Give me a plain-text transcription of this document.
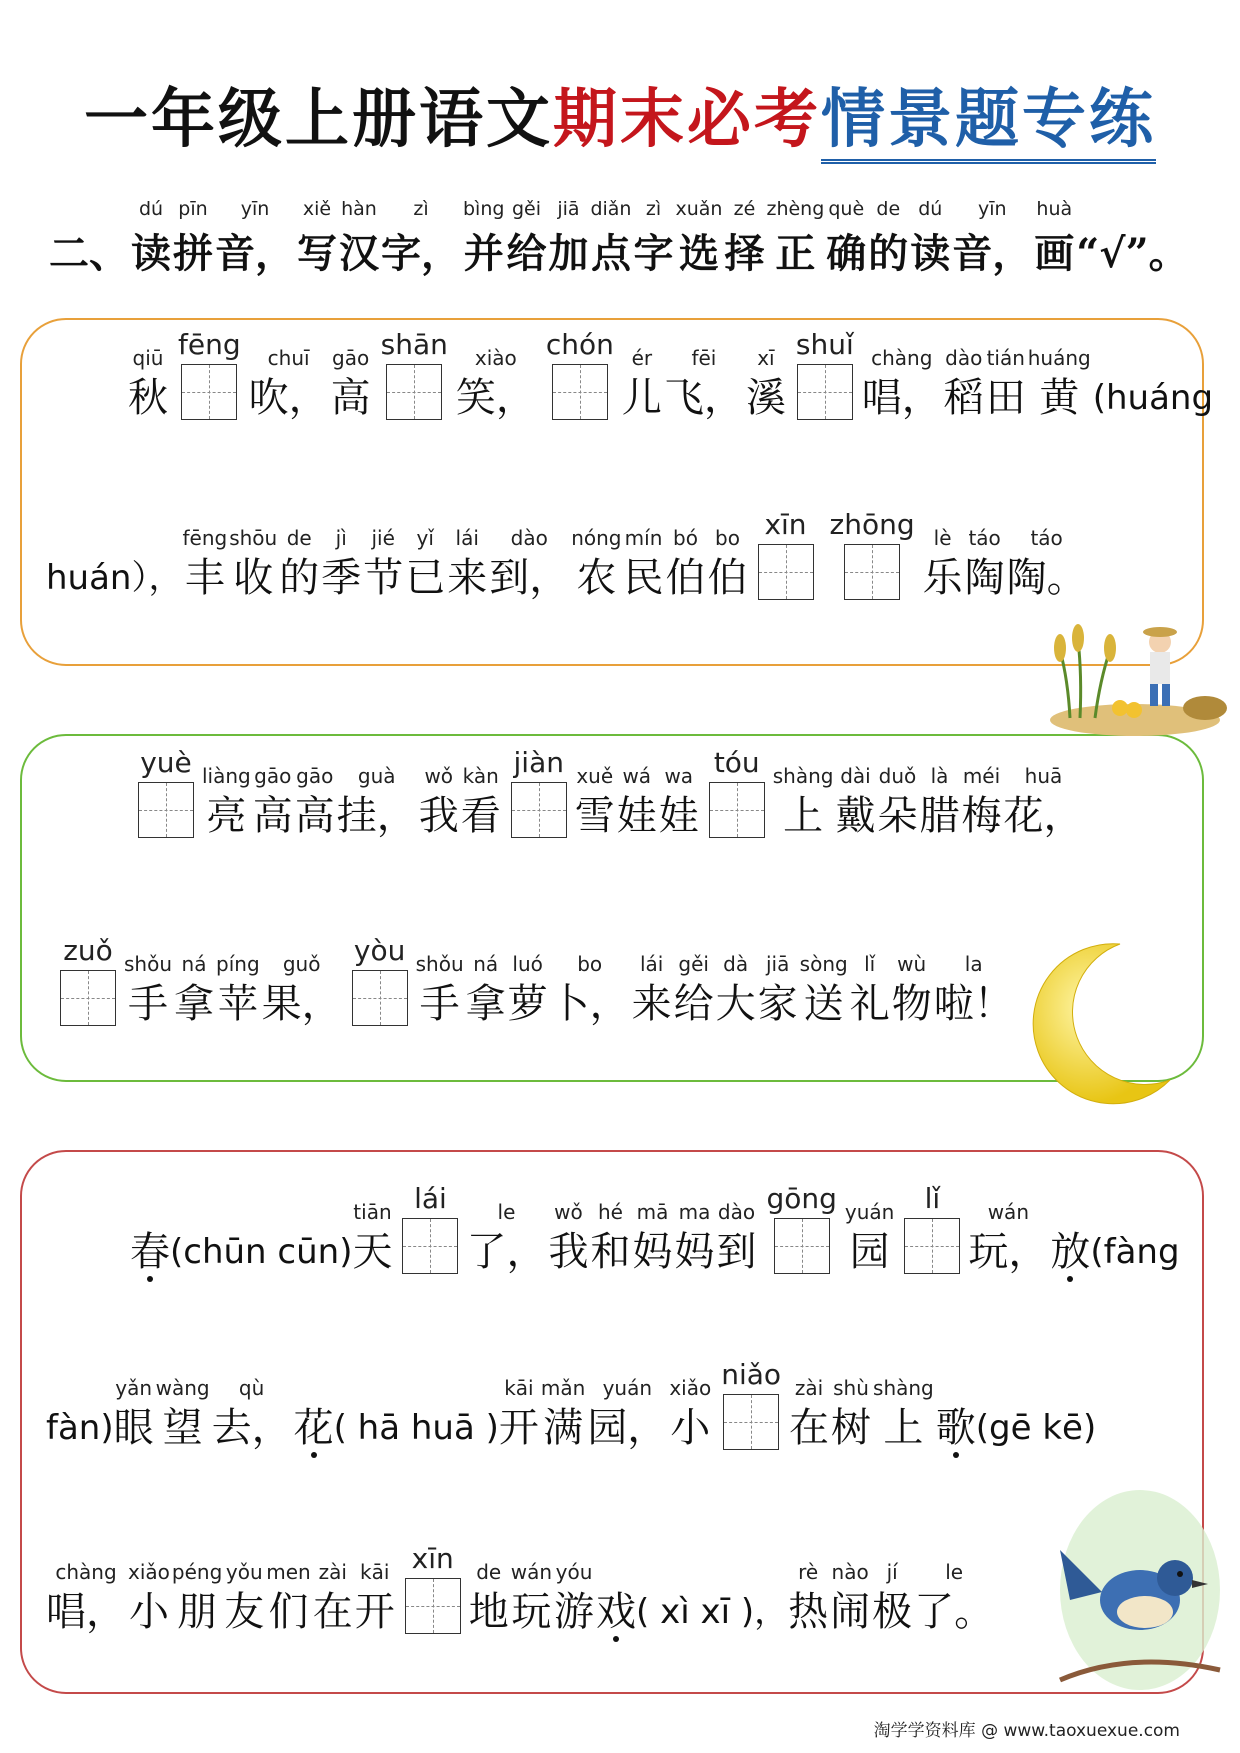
一年级上册语文期末必考情景题专练

二、
dú
读
pīn
拼
yīn
音，
xiě
写
hàn
汉
zì
字，
bìng
并
gěi
给
jiā
加
diǎn
点
zì
字
xuǎn
选
zé
择
zhèng
正
què
确
de
的
dú
读
yīn
音，
huà
画
“√”。
qiū
秋
fēng chuī
吹，
gāo
高
shān xiào
笑，
chón ér
儿
fēi
飞，
xī
溪
shuǐ chàng
唱，
dào
稻
tián
田
huáng
黄 (huáng
huán），
fēng
丰
shōu
收
de
的
jì
季
jié
节
yǐ
已
lái
来
dào
到，
nóng
农
mín
民
bó
伯
bo
伯
xīn zhōng lè
乐
táo
陶
táo
陶。
yuè liàng
亮
gāo
高
gāo
高
guà
挂，
wǒ
我
kàn
看
jiàn xuě
雪
wá
娃
wa
娃
tóu shàng
上
dài
戴
duǒ
朵
là
腊
méi
梅
huā
花，
zuǒ shǒu
手
ná
拿
píng
苹
guǒ
果，
yòu shǒu
手
ná
拿
luó
萝
bo
卜，
lái
来
gěi
给
dà
大
jiā
家
sòng
送
lǐ
礼
wù
物
la
啦！
春 (chūn cūn)
tiān
天
lái	le
了，
wǒ
我
hé
和
mā
妈
ma
妈
dào
到
gōng yuán
园
lǐ wán
玩， 放 (fàng
fàn)
yǎn
眼
wàng
望
qù
去， 花 ( hā huā )
kāi
开
mǎn
满
yuán
园，
xiǎo
小
niǎo zài
在
shù
树
shàng
上 歌 (gē kē)
chàng
唱，
xiǎo
小
péng
朋
yǒu
友
men
们
zài
在
kāi
开
xīn de
地
wán
玩
yóu
游 戏 ( xì xī )，
rè
热
nào
闹
jí
极
le
了。
淘学学资料库 @ www.taoxuexue.com
